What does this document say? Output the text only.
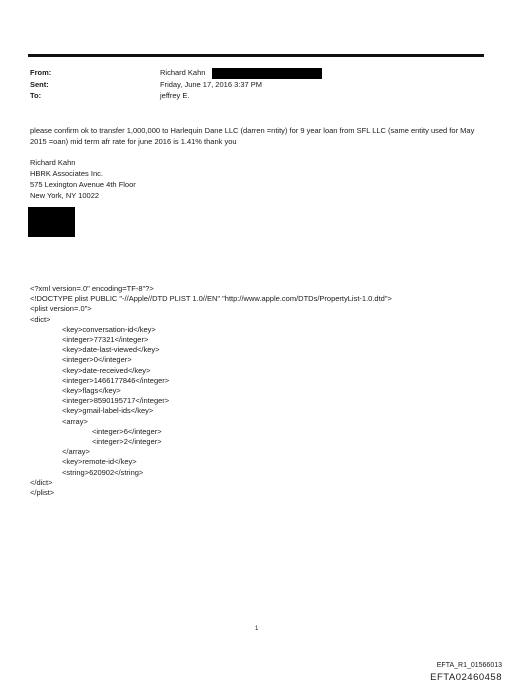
From:	Richard Kahn
Sent:	Friday, June 17, 2016 3:37 PM
To:	jeffrey E.
please confirm ok to transfer 1,000,000 to Harlequin Dane LLC (darren =ntity) for 9 year loan from SFL LLC (same entity used for May 2015 =oan) mid term afr rate for june 2016 is 1.41% thank you
Richard Kahn
HBRK Associates Inc.
575 Lexington Avenue 4th Floor
New York, NY 10022
<?xml version=.0" encoding=TF-8"?>
<!DOCTYPE plist PUBLIC "-//Apple//DTD PLIST 1.0//EN" "http://www.apple.com/DTDs/PropertyList-1.0.dtd">
<plist version=.0">
<dict>
<key>conversation-id</key>
<integer>77321</integer>
<key>date-last-viewed</key>
<integer>0</integer>
<key>date-received</key>
<integer>1466177846</integer>
<key>flags</key>
<integer>8590195717</integer>
<key>gmail-label-ids</key>
<array>
<integer>6</integer>
<integer>2</integer>
</array>
<key>remote-id</key>
<string>620902</string>
</dict>
</plist>
1
EFTA_R1_01566013
EFTA02460458
